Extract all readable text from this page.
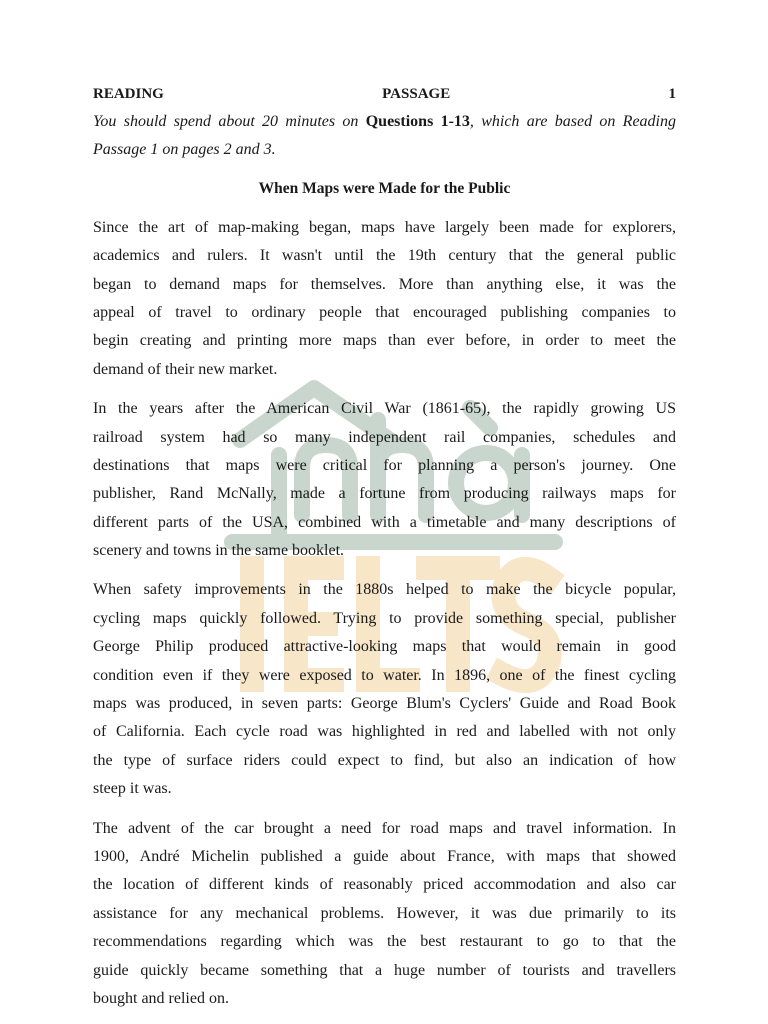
READING PASSAGE 1
You should spend about 20 minutes on Questions 1-13, which are based on Reading
Passage 1 on pages 2 and 3.
When Maps were Made for the Public
Since the art of map-making began, maps have largely been made for explorers,
academics and rulers. It wasn't until the 19th century that the general public
began to demand maps for themselves. More than anything else, it was the
appeal of travel to ordinary people that encouraged publishing companies to
begin creating and printing more maps than ever before, in order to meet the
demand of their new market.
In the years after the American Civil War (1861-65), the rapidly growing US
railroad system had so many independent rail companies, schedules and
destinations that maps were critical for planning a person's journey. One
publisher, Rand McNally, made a fortune from producing railways maps for
different parts of the USA, combined with a timetable and many descriptions of
scenery and towns in the same booklet.
When safety improvements in the 1880s helped to make the bicycle popular,
cycling maps quickly followed. Trying to provide something special, publisher
George Philip produced attractive-looking maps that would remain in good
condition even if they were exposed to water. In 1896, one of the finest cycling
maps was produced, in seven parts: George Blum's Cyclers' Guide and Road Book
of California. Each cycle road was highlighted in red and labelled with not only
the type of surface riders could expect to find, but also an indication of how
steep it was.
The advent of the car brought a need for road maps and travel information. In
1900, André Michelin published a guide about France, with maps that showed
the location of different kinds of reasonably priced accommodation and also car
assistance for any mechanical problems. However, it was due primarily to its
recommendations regarding which was the best restaurant to go to that the
guide quickly became something that a huge number of tourists and travellers
bought and relied on.
